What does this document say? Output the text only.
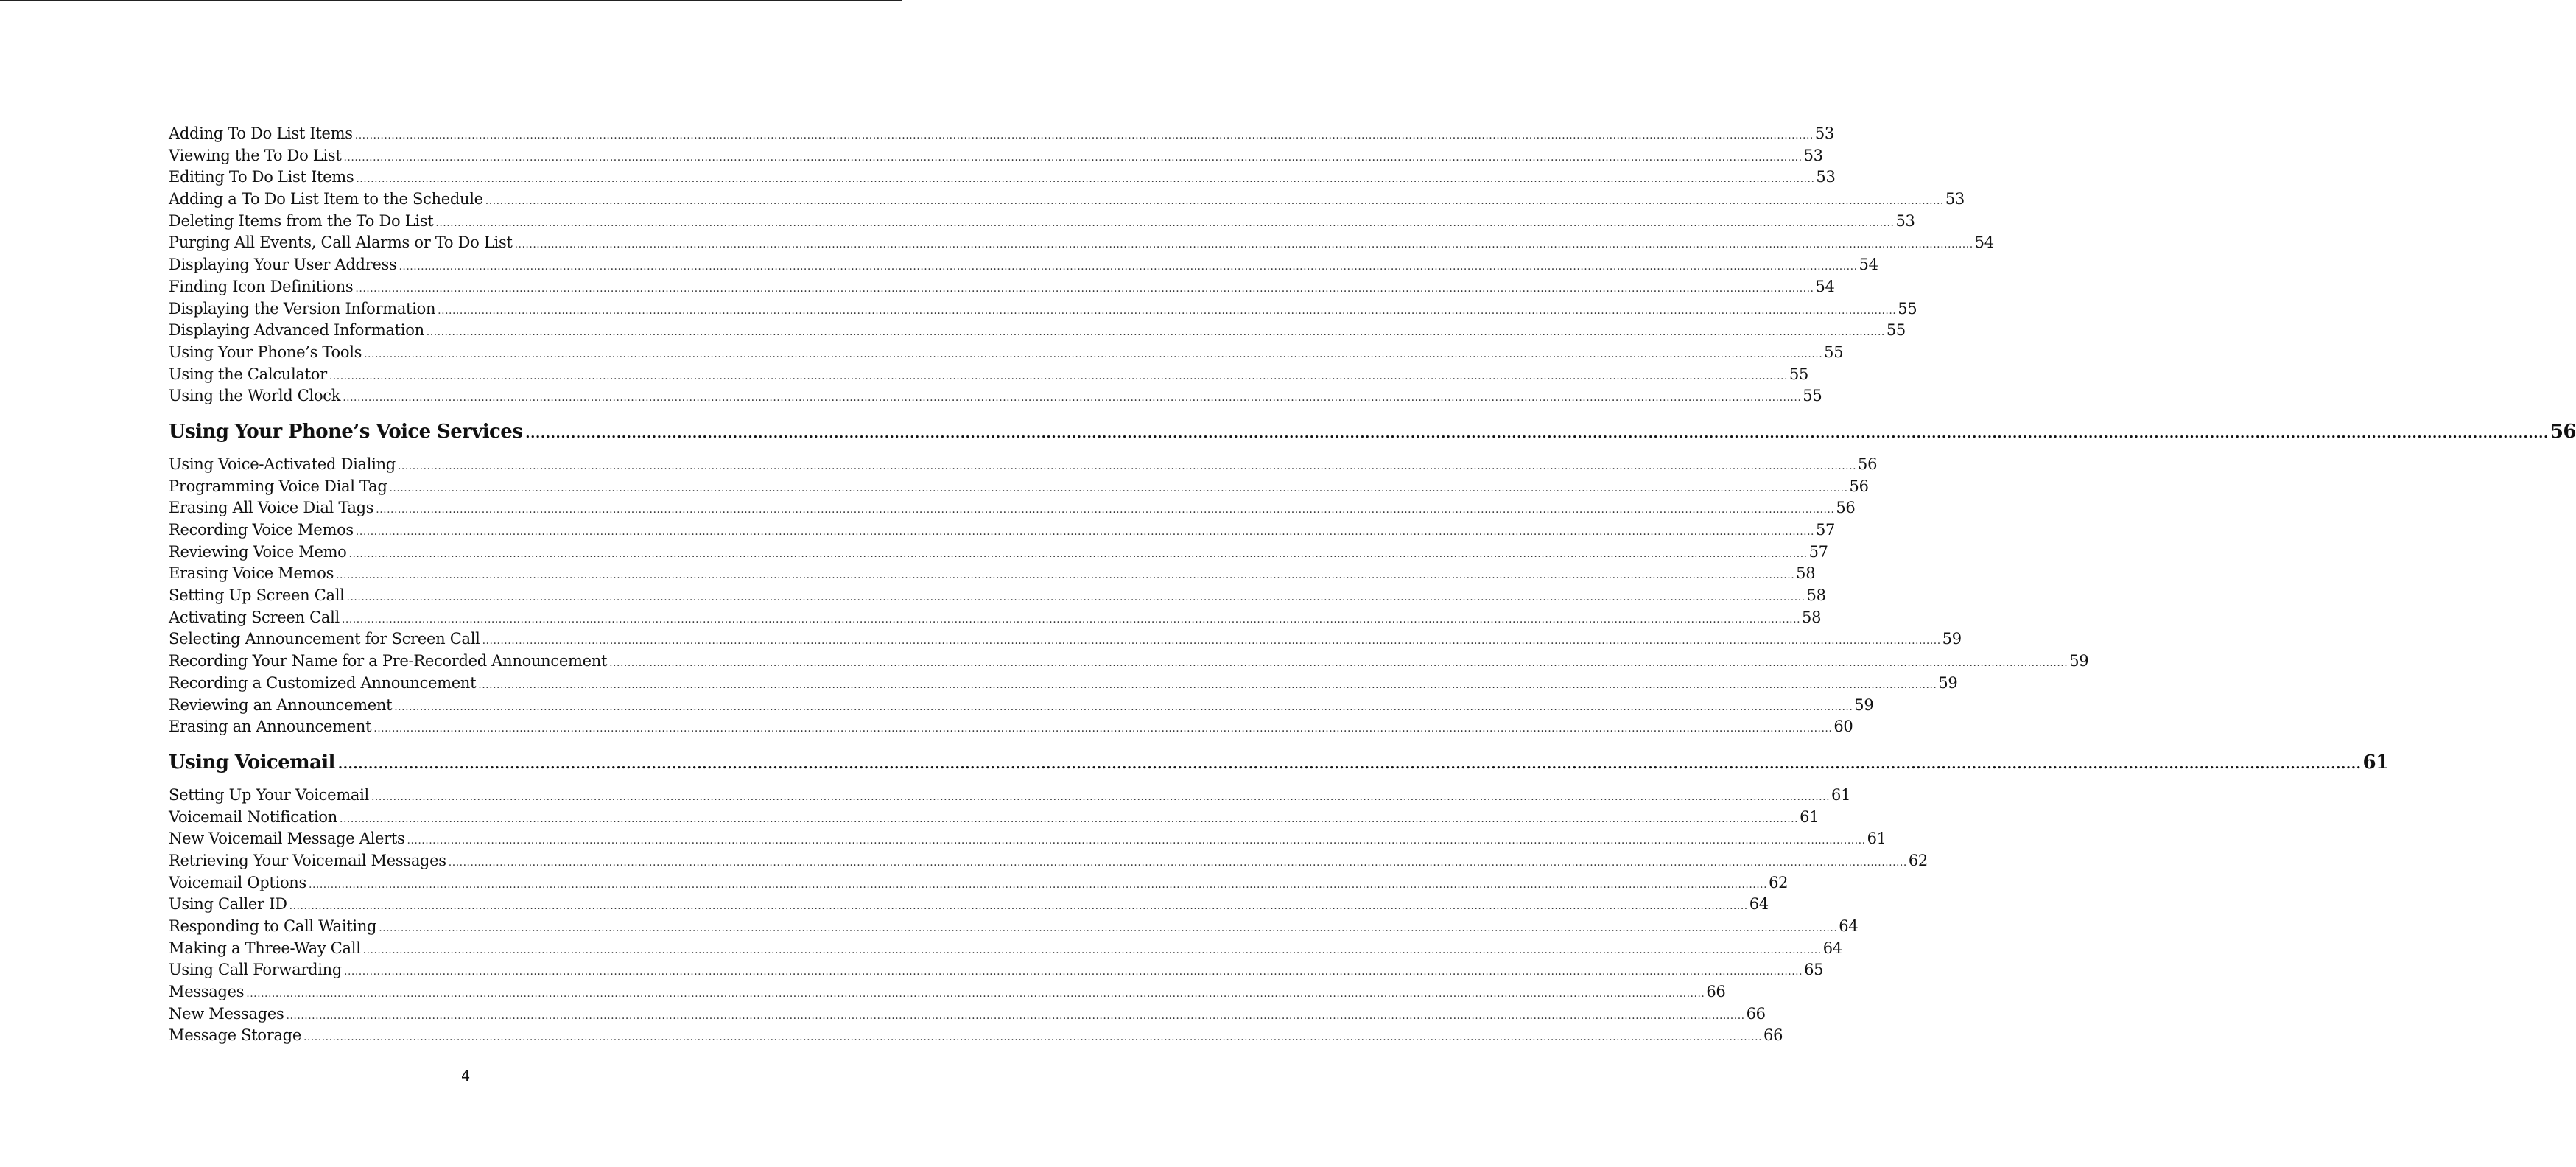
Adding To Do List Items ................................................................................................................................................................................................................................................................................................................................................................................................................ 53
Viewing the To Do List ................................................................................................................................................................................................................................................................................................................................................................................................................ 53
Editing To Do List Items ................................................................................................................................................................................................................................................................................................................................................................................................................ 53
Adding a To Do List Item to the Schedule ................................................................................................................................................................................................................................................................................................................................................................................................................ 53
Deleting Items from the To Do List ................................................................................................................................................................................................................................................................................................................................................................................................................ 53
Purging All Events, Call Alarms or To Do List ................................................................................................................................................................................................................................................................................................................................................................................................................ 54
Displaying Your User Address ................................................................................................................................................................................................................................................................................................................................................................................................................ 54
Finding Icon Definitions ................................................................................................................................................................................................................................................................................................................................................................................................................ 54
Displaying the Version Information ................................................................................................................................................................................................................................................................................................................................................................................................................ 55
Displaying Advanced Information ................................................................................................................................................................................................................................................................................................................................................................................................................ 55
Using Your Phone’s Tools ................................................................................................................................................................................................................................................................................................................................................................................................................ 55
Using the Calculator ................................................................................................................................................................................................................................................................................................................................................................................................................ 55
Using the World Clock ................................................................................................................................................................................................................................................................................................................................................................................................................ 55
Using Your Phone’s Voice Services ................................................................................................................................................................................................................................................................................................................................................................................................................ 56
Using Voice-Activated Dialing ................................................................................................................................................................................................................................................................................................................................................................................................................ 56
Programming Voice Dial Tag ................................................................................................................................................................................................................................................................................................................................................................................................................ 56
Erasing All Voice Dial Tags ................................................................................................................................................................................................................................................................................................................................................................................................................ 56
Recording Voice Memos ................................................................................................................................................................................................................................................................................................................................................................................................................ 57
Reviewing Voice Memo ................................................................................................................................................................................................................................................................................................................................................................................................................ 57
Erasing Voice Memos ................................................................................................................................................................................................................................................................................................................................................................................................................ 58
Setting Up Screen Call ................................................................................................................................................................................................................................................................................................................................................................................................................ 58
Activating Screen Call ................................................................................................................................................................................................................................................................................................................................................................................................................ 58
Selecting Announcement for Screen Call ................................................................................................................................................................................................................................................................................................................................................................................................................ 59
Recording Your Name for a Pre-Recorded Announcement ................................................................................................................................................................................................................................................................................................................................................................................................................ 59
Recording a Customized Announcement ................................................................................................................................................................................................................................................................................................................................................................................................................ 59
Reviewing an Announcement ................................................................................................................................................................................................................................................................................................................................................................................................................ 59
Erasing an Announcement ................................................................................................................................................................................................................................................................................................................................................................................................................ 60
Using Voicemail ................................................................................................................................................................................................................................................................................................................................................................................................................ 61
Setting Up Your Voicemail ................................................................................................................................................................................................................................................................................................................................................................................................................ 61
Voicemail Notification ................................................................................................................................................................................................................................................................................................................................................................................................................ 61
New Voicemail Message Alerts ................................................................................................................................................................................................................................................................................................................................................................................................................ 61
Retrieving Your Voicemail Messages ................................................................................................................................................................................................................................................................................................................................................................................................................ 62
Voicemail Options ................................................................................................................................................................................................................................................................................................................................................................................................................ 62
Using Caller ID ................................................................................................................................................................................................................................................................................................................................................................................................................ 64
Responding to Call Waiting ................................................................................................................................................................................................................................................................................................................................................................................................................ 64
Making a Three-Way Call ................................................................................................................................................................................................................................................................................................................................................................................................................ 64
Using Call Forwarding ................................................................................................................................................................................................................................................................................................................................................................................................................ 65
Messages ................................................................................................................................................................................................................................................................................................................................................................................................................ 66
New Messages ................................................................................................................................................................................................................................................................................................................................................................................................................ 66
Message Storage ................................................................................................................................................................................................................................................................................................................................................................................................................ 66
4
